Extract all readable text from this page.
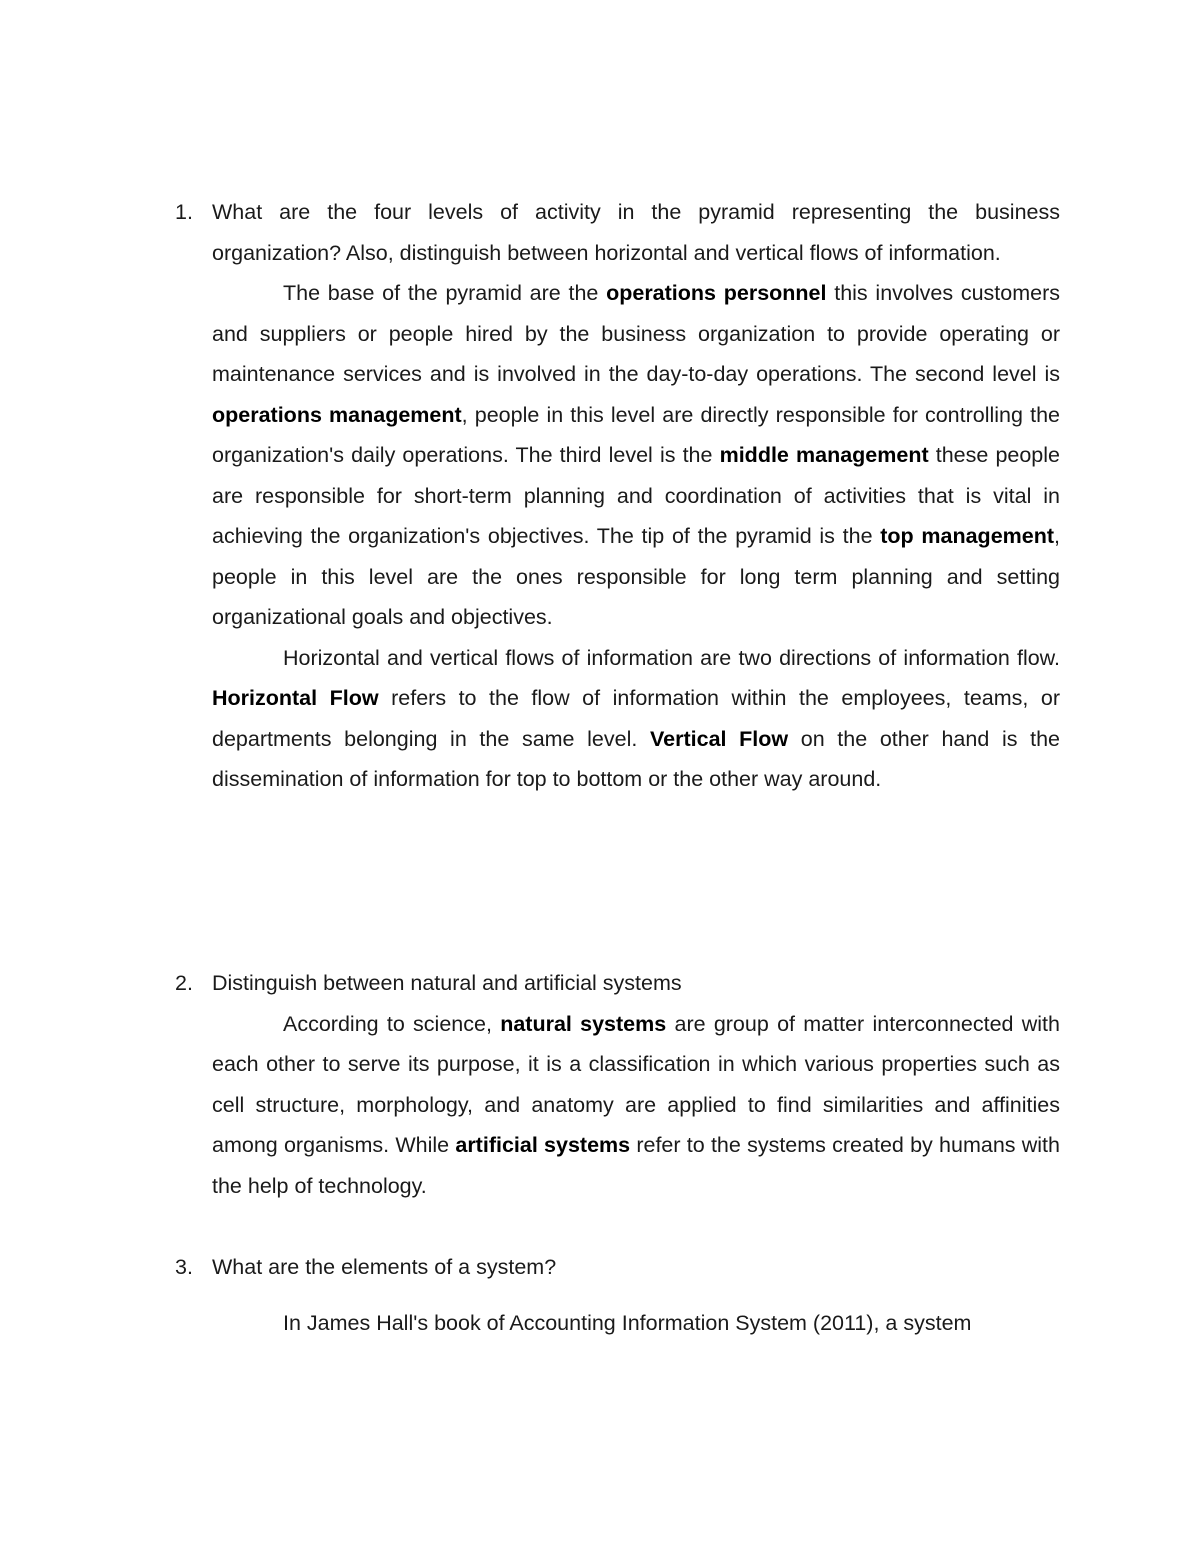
1. What are the four levels of activity in the pyramid representing the business organization? Also, distinguish between horizontal and vertical flows of information.
The base of the pyramid are the operations personnel this involves customers and suppliers or people hired by the business organization to provide operating or maintenance services and is involved in the day-to-day operations. The second level is operations management, people in this level are directly responsible for controlling the organization's daily operations. The third level is the middle management these people are responsible for short-term planning and coordination of activities that is vital in achieving the organization's objectives. The tip of the pyramid is the top management, people in this level are the ones responsible for long term planning and setting organizational goals and objectives.
Horizontal and vertical flows of information are two directions of information flow. Horizontal Flow refers to the flow of information within the employees, teams, or departments belonging in the same level. Vertical Flow on the other hand is the dissemination of information for top to bottom or the other way around.
2. Distinguish between natural and artificial systems
According to science, natural systems are group of matter interconnected with each other to serve its purpose, it is a classification in which various properties such as cell structure, morphology, and anatomy are applied to find similarities and affinities among organisms. While artificial systems refer to the systems created by humans with the help of technology.
3. What are the elements of a system?
In James Hall's book of Accounting Information System (2011), a system
